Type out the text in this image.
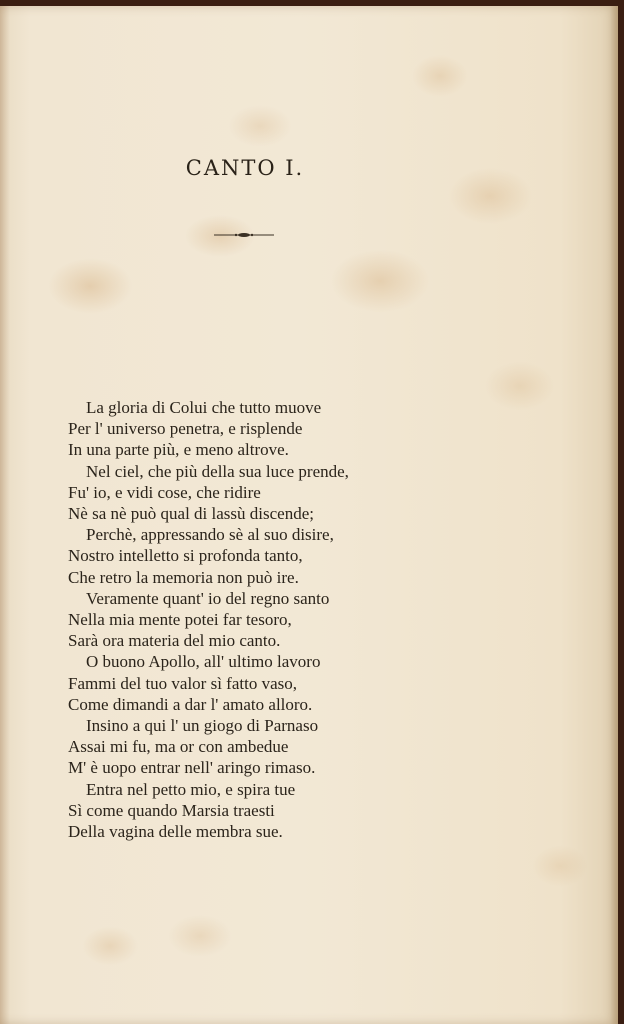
CANTO I.
La gloria di Colui che tutto muove
Per l' universo penetra, e risplende
In una parte più, e meno altrove.
Nel ciel, che più della sua luce prende,
Fu' io, e vidi cose, che ridire
Nè sa nè può qual di lassù discende;
Perchè, appressando sè al suo disire,
Nostro intelletto si profonda tanto,
Che retro la memoria non può ire.
Veramente quant' io del regno santo
Nella mia mente potei far tesoro,
Sarà ora materia del mio canto.
O buono Apollo, all' ultimo lavoro
Fammi del tuo valor sì fatto vaso,
Come dimandi a dar l' amato alloro.
Insino a qui l' un giogo di Parnaso
Assai mi fu, ma or con ambedue
M' è uopo entrar nell' aringo rimaso.
Entra nel petto mio, e spira tue
Sì come quando Marsia traesti
Della vagina delle membra sue.
